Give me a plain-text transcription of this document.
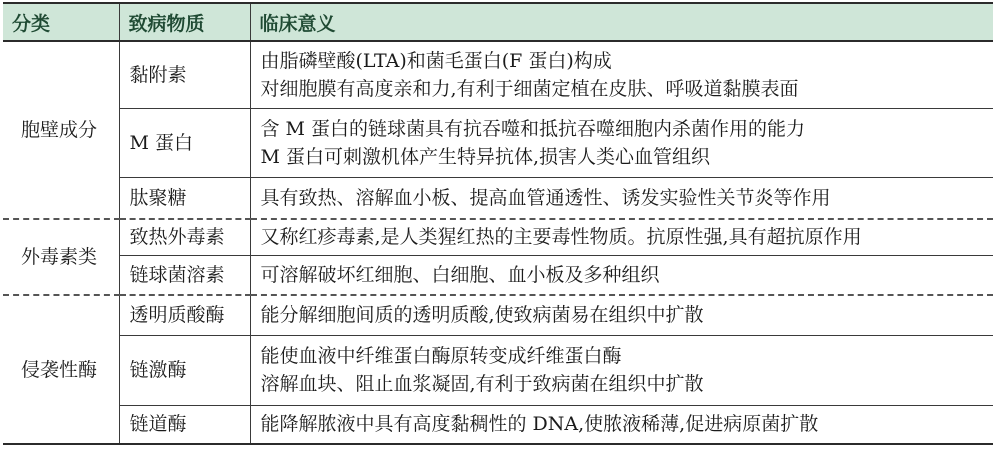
分类	致病物质	临床意义
胞壁成分	黏附素	由脂磷壁酸(LTA)和菌毛蛋白(F 蛋白)构成
对细胞膜有高度亲和力,有利于细菌定植在皮肤、呼吸道黏膜表面

	M 蛋白	含 M 蛋白的链球菌具有抗吞噬和抵抗吞噬细胞内杀菌作用的能力
M 蛋白可刺激机体产生特异抗体,损害人类心血管组织

	肽聚糖	具有致热、溶解血小板、提高血管通透性、诱发实验性关节炎等作用

外毒素类	致热外毒素	又称红疹毒素,是人类猩红热的主要毒性物质。抗原性强,具有超抗原作用

	链球菌溶素	可溶解破坏红细胞、白细胞、血小板及多种组织

侵袭性酶	透明质酸酶	能分解细胞间质的透明质酸,使致病菌易在组织中扩散

	链激酶	能使血液中纤维蛋白酶原转变成纤维蛋白酶
溶解血块、阻止血浆凝固,有利于致病菌在组织中扩散

	链道酶	能降解脓液中具有高度黏稠性的 DNA,使脓液稀薄,促进病原菌扩散
